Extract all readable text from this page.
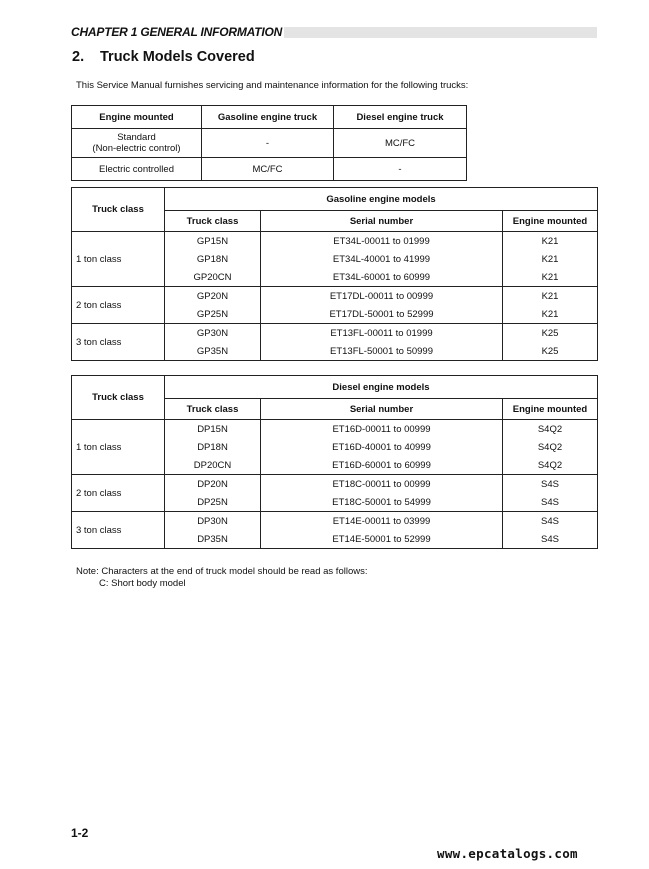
CHAPTER 1 GENERAL INFORMATION
2. Truck Models Covered
This Service Manual furnishes servicing and maintenance information for the following trucks:
Engine mounted	Gasoline engine truck	Diesel engine truck

Standard
(Non-electric control)	-	MC/FC
Electric controlled	MC/FC	-
Truck class	Gasoline engine models		
	Truck class	Serial number	Engine mounted
1 ton class	GP15N	ET34L-00011 to 01999	K21
	GP18N	ET34L-40001 to 41999	K21
	GP20CN	ET34L-60001 to 60999	K21
2 ton class	GP20N	ET17DL-00011 to 00999	K21
	GP25N	ET17DL-50001 to 52999	K21
3 ton class	GP30N	ET13FL-00011 to 01999	K25
	GP35N	ET13FL-50001 to 50999	K25
Truck class	Diesel engine models		
	Truck class	Serial number	Engine mounted
1 ton class	DP15N	ET16D-00011 to 00999	S4Q2
	DP18N	ET16D-40001 to 40999	S4Q2
	DP20CN	ET16D-60001 to 60999	S4Q2
2 ton class	DP20N	ET18C-00011 to 00999	S4S
	DP25N	ET18C-50001 to 54999	S4S
3 ton class	DP30N	ET14E-00011 to 03999	S4S
	DP35N	ET14E-50001 to 52999	S4S
Note: Characters at the end of truck model should be read as follows:
C: Short body model
1-2
www.epcatalogs.com
